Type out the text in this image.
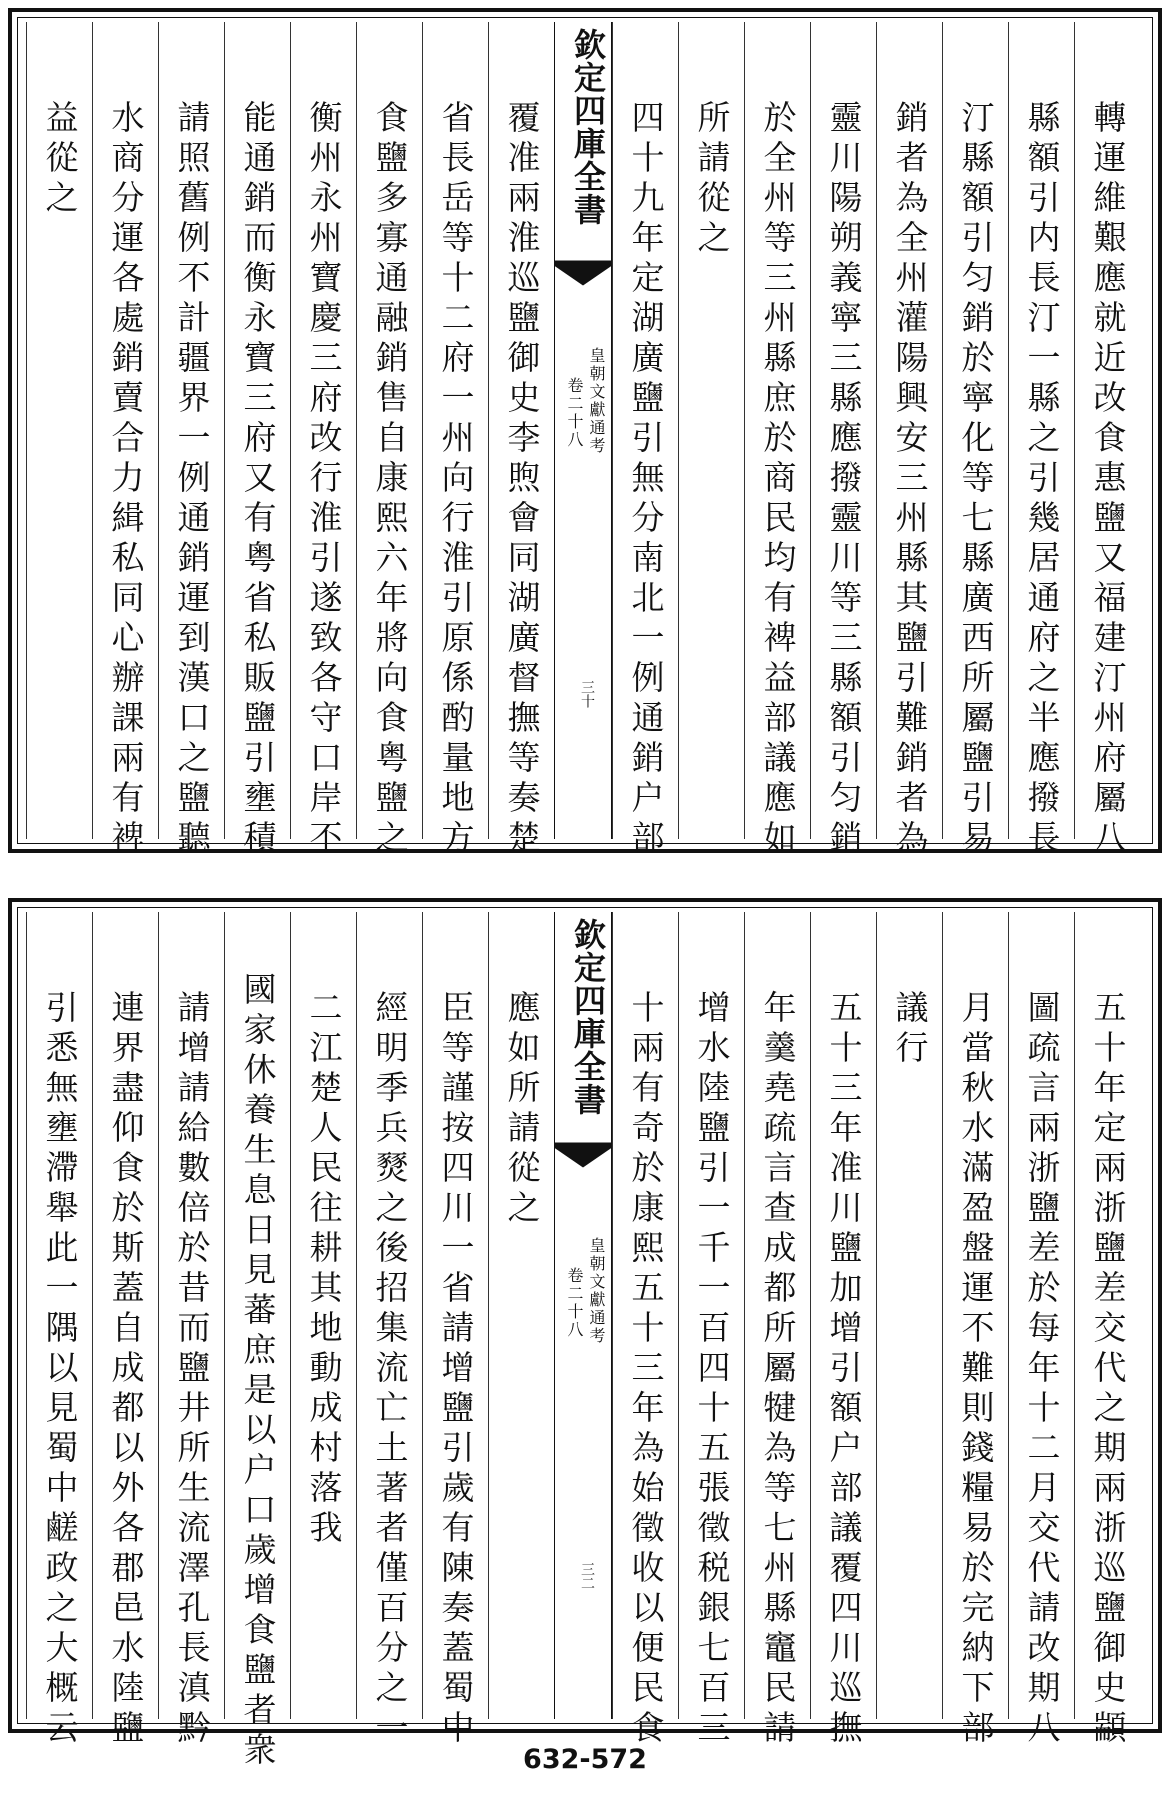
轉運維艱應就近改食惠鹽又福建汀州府屬八
縣額引内長汀一縣之引幾居通府之半應撥長
汀縣額引匀銷於寧化等七縣廣西所屬鹽引易
銷者為全州灌陽興安三州縣其鹽引難銷者為
靈川陽朔義寧三縣應撥靈川等三縣額引匀銷
於全州等三州縣庶於商民均有裨益部議應如
所請從之
四十九年定湖廣鹽引無分南北一例通銷户部
欽定四庫全書
皇朝文獻通考
卷二十八
三十
覆准兩淮巡鹽御史李煦會同湖廣督撫等奏楚
省長岳等十二府一州向行淮引原係酌量地方
食鹽多寡通融銷售自康熙六年將向食粤鹽之
衡州永州寶慶三府改行淮引遂致各守口岸不
能通銷而衡永寶三府又有粤省私販鹽引壅積
請照舊例不計疆界一例通銷運到漢口之鹽聽
水商分運各處銷賣合力緝私同心辦課兩有裨
益從之
五十年定兩浙鹽差交代之期兩浙巡鹽御史顓
圖疏言兩浙鹽差於每年十二月交代請改期八
月當秋水滿盈盤運不難則錢糧易於完納下部
議行
五十三年准川鹽加增引額户部議覆四川巡撫
年羹堯疏言查成都所屬犍為等七州縣竈民請
增水陸鹽引一千一百四十五張徵税銀七百三
十兩有奇於康熙五十三年為始徵收以便民食
欽定四庫全書
皇朝文獻通考
卷二十八
三二
應如所請從之
臣等謹按四川一省請增鹽引歲有陳奏蓋蜀中
經明季兵燹之後招集流亡土著者僅百分之一
二江楚人民往耕其地動成村落我
國家休養生息日見蕃庶是以户口歲增食鹽者衆
請增請給數倍於昔而鹽井所生流澤孔長滇黔
連界盡仰食於斯蓋自成都以外各郡邑水陸鹽
引悉無壅滯舉此一隅以見蜀中鹺政之大概云
632-572
